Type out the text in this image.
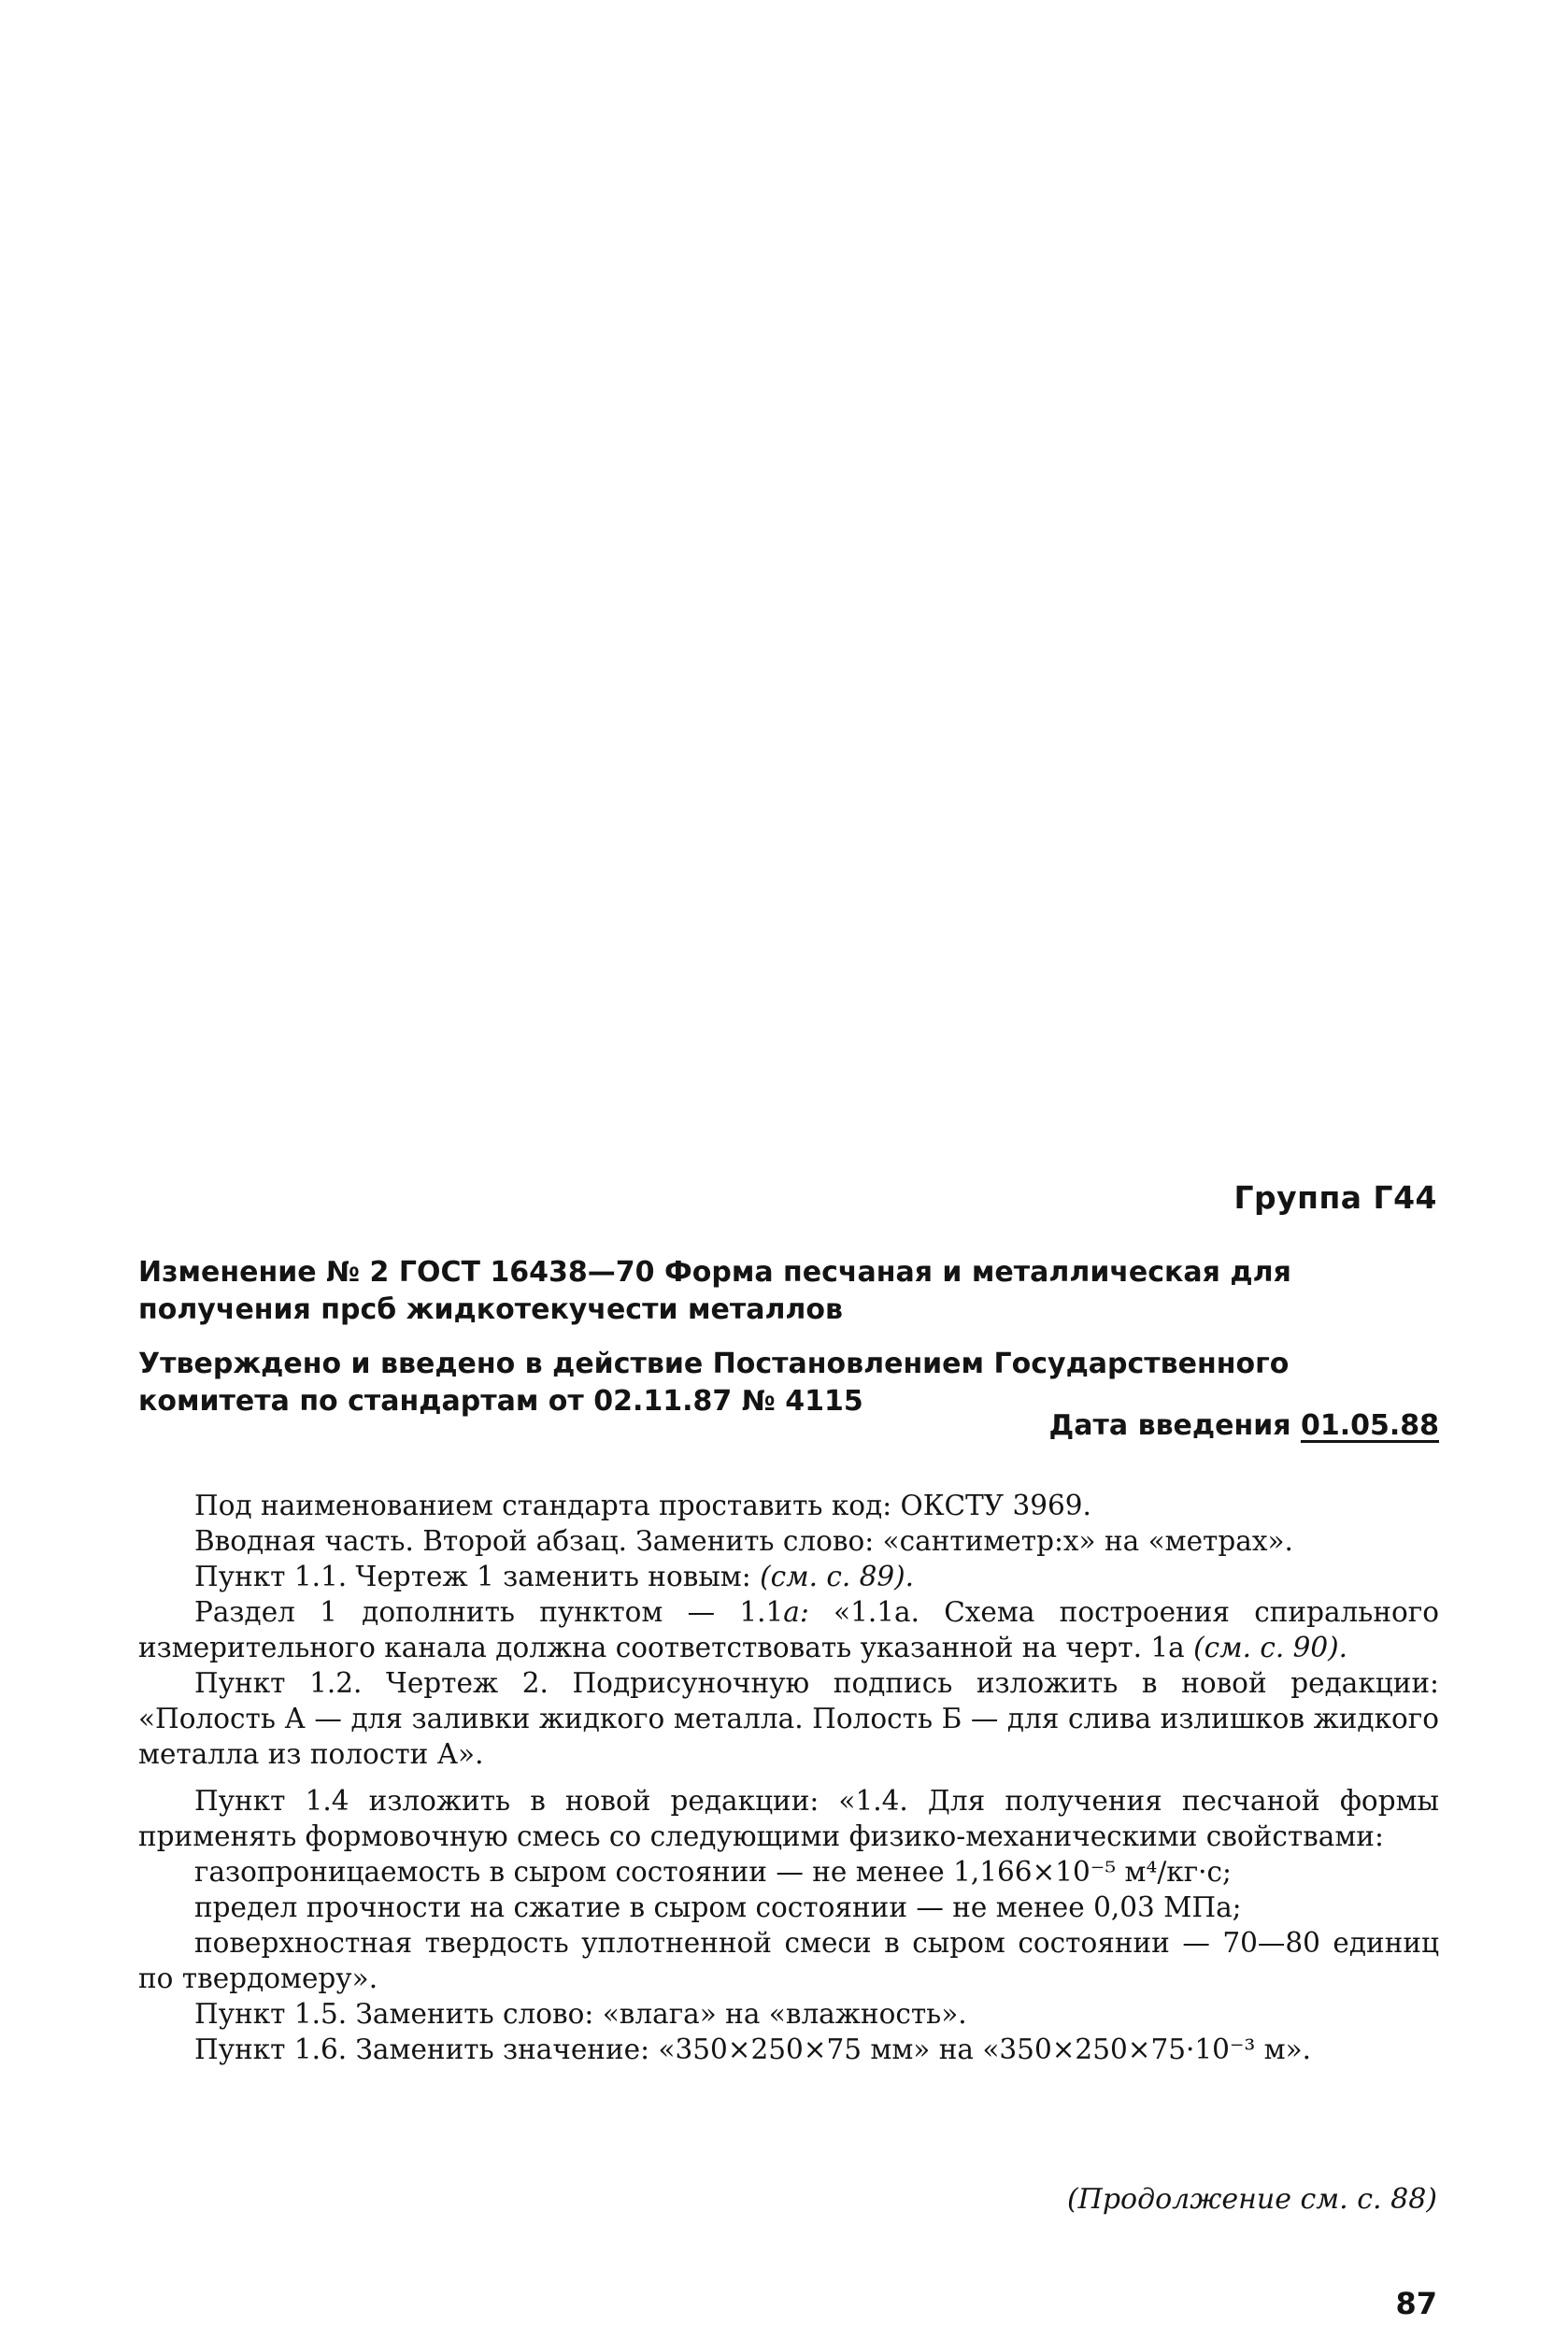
Группа Г44
Изменение № 2 ГОСТ 16438—70 Форма песчаная и металлическая для получения прсб жидкотекучести металлов
Утверждено и введено в действие Постановлением Государственного комитета по стандартам от 02.11.87 № 4115
Дата введения 01.05.88

Под наименованием стандарта проставить код: ОКСТУ 3969.

Вводная часть. Второй абзац. Заменить слово: «сантиметр:х» на «метрах».

Пункт 1.1. Чертеж 1 заменить новым: (см. с. 89).

Раздел 1 дополнить пунктом — 1.1а: «1.1а. Схема построения спирального измерительного канала должна соответствовать указанной на черт. 1а (см. с. 90).

Пункт 1.2. Чертеж 2. Подрисуночную подпись изложить в новой редакции: «Полость А — для заливки жидкого металла. Полость Б — для слива излишков жидкого металла из полости А».

Пункт 1.4 изложить в новой редакции: «1.4. Для получения песчаной формы применять формовочную смесь со следующими физико-механическими свойствами:

газопроницаемость в сыром состоянии — не менее 1,166×10⁻⁵ м⁴/кг·с;

предел прочности на сжатие в сыром состоянии — не менее 0,03 МПа;

поверхностная твердость уплотненной смеси в сыром состоянии — 70—80 единиц по твердомеру».

Пункт 1.5. Заменить слово: «влага» на «влажность».

Пункт 1.6. Заменить значение: «350×250×75 мм» на «350×250×75·10⁻³ м».

(Продолжение см. с. 88)
87
